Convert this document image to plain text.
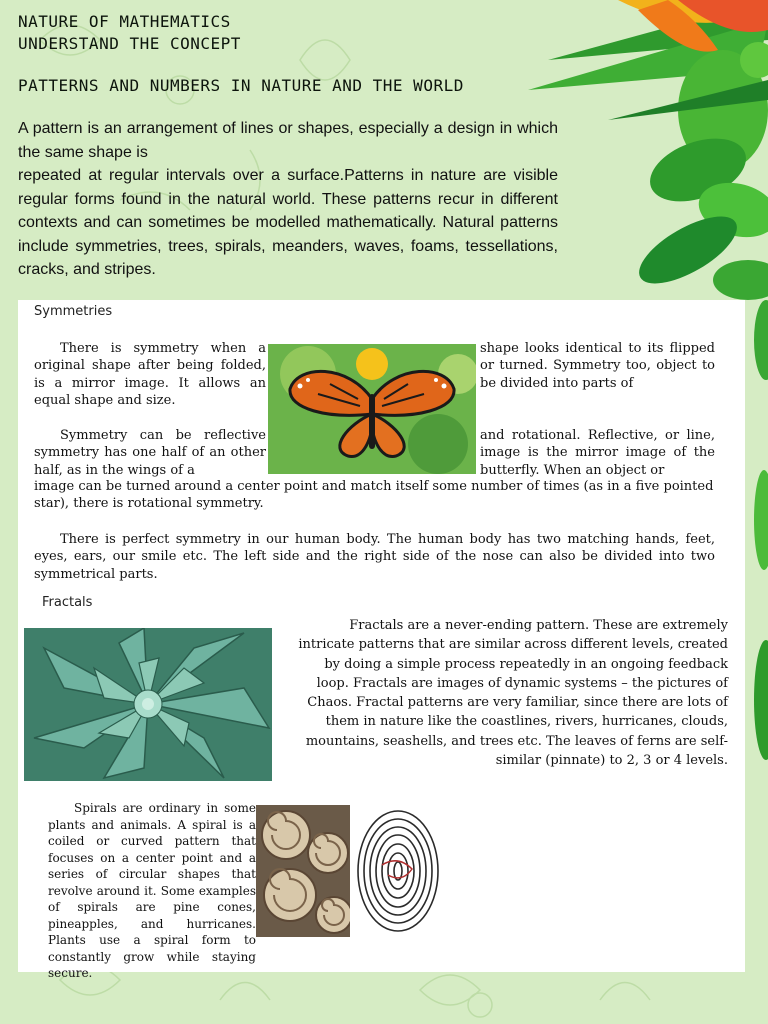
NATURE OF MATHEMATICS
UNDERSTAND THE CONCEPT
PATTERNS AND NUMBERS IN NATURE AND THE WORLD

A pattern is an arrangement of lines or shapes, especially a design in which the same shape is

repeated at regular intervals over a surface.Patterns in nature are visible regular forms found in the natural world. These patterns recur in different contexts and can sometimes be modelled mathematically. Natural patterns include symmetries, trees, spirals, meanders, waves, foams, tessellations, cracks, and stripes.

Symmetries

There is symmetry when a original shape after being folded, is a mirror image. It allows an equal shape and size.

shape looks identical to its flipped or turned. Symmetry too, object to be divided into parts of

Symmetry can be reflective symmetry has one half of an other half, as in the wings of a

and rotational. Reflective, or line, image is the mirror image of the butterfly. When an object or

image can be turned around a center point and match itself some number of times (as in a five pointed star), there is rotational symmetry.

There is perfect symmetry in our human body. The human body has two matching hands, feet, eyes, ears, our smile etc. The left side and the right side of the nose can also be divided into two symmetrical parts.

Fractals

Fractals are a never-ending pattern. These are extremely intricate patterns that are similar across different levels, created by doing a simple process repeatedly in an ongoing feedback loop. Fractals are images of dynamic systems – the pictures of Chaos. Fractal patterns are very familiar, since there are lots of them in nature like the coastlines, rivers, hurricanes, clouds, mountains, seashells, and trees etc. The leaves of ferns are self-similar (pinnate) to 2, 3 or 4 levels.

Spirals are ordinary in some plants and animals. A spiral is a coiled or curved pattern that focuses on a center point and a series of circular shapes that revolve around it. Some examples of spirals are pine cones, pineapples, and hurricanes. Plants use a spiral form to constantly grow while staying secure.
